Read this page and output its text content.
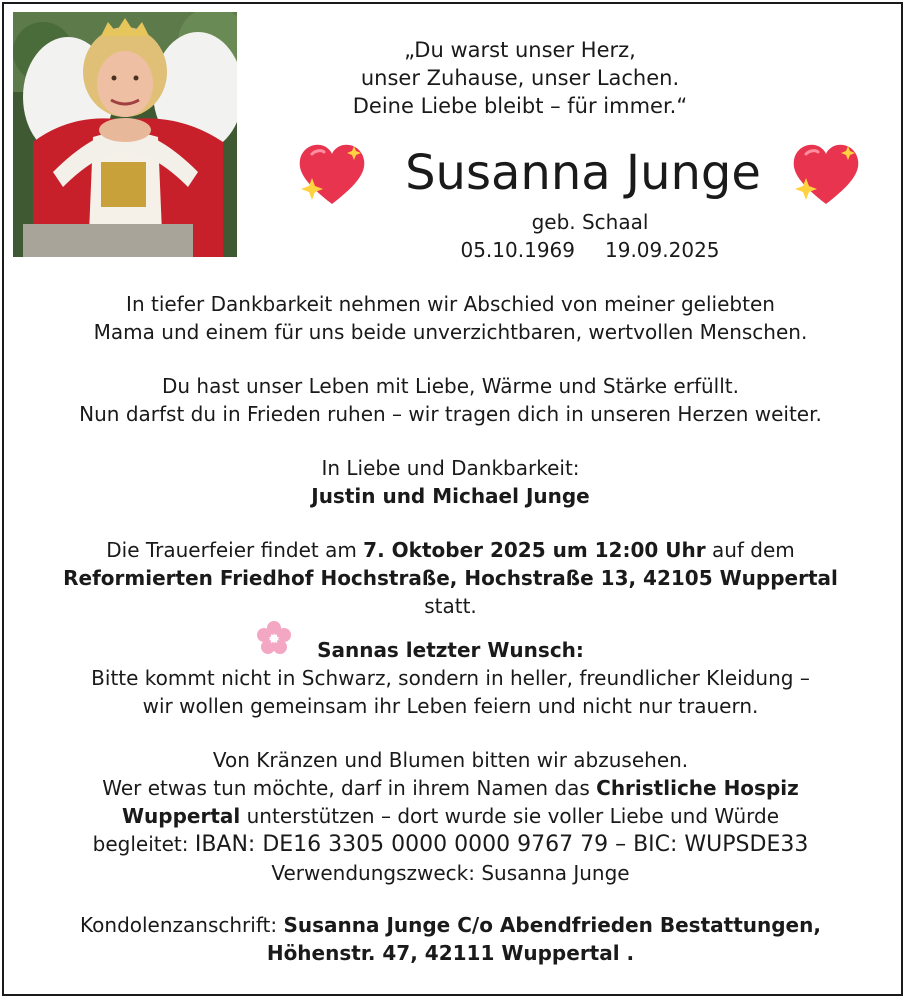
„Du warst unser Herz,
unser Zuhause, unser Lachen.
Deine Liebe bleibt – für immer.“
Susanna Junge
geb. Schaal
05.10.1969 19.09.2025
In tiefer Dankbarkeit nehmen wir Abschied von meiner geliebten
Mama und einem für uns beide unverzichtbaren, wertvollen Menschen.
Du hast unser Leben mit Liebe, Wärme und Stärke erfüllt.
Nun darfst du in Frieden ruhen – wir tragen dich in unseren Herzen weiter.
In Liebe und Dankbarkeit:
Justin und Michael Junge
Die Trauerfeier findet am 7. Oktober 2025 um 12:00 Uhr auf dem
Reformierten Friedhof Hochstraße, Hochstraße 13, 42105 Wuppertal
statt.
Sannas letzter Wunsch:
Bitte kommt nicht in Schwarz, sondern in heller, freundlicher Kleidung –
wir wollen gemeinsam ihr Leben feiern und nicht nur trauern.
Von Kränzen und Blumen bitten wir abzusehen.
Wer etwas tun möchte, darf in ihrem Namen das Christliche Hospiz
Wuppertal unterstützen – dort wurde sie voller Liebe und Würde
begleitet: IBAN: DE16 3305 0000 0000 9767 79 – BIC: WUPSDE33
Verwendungszweck: Susanna Junge
Kondolenzanschrift: Susanna Junge C/o Abendfrieden Bestattungen,
Höhenstr. 47, 42111 Wuppertal .
